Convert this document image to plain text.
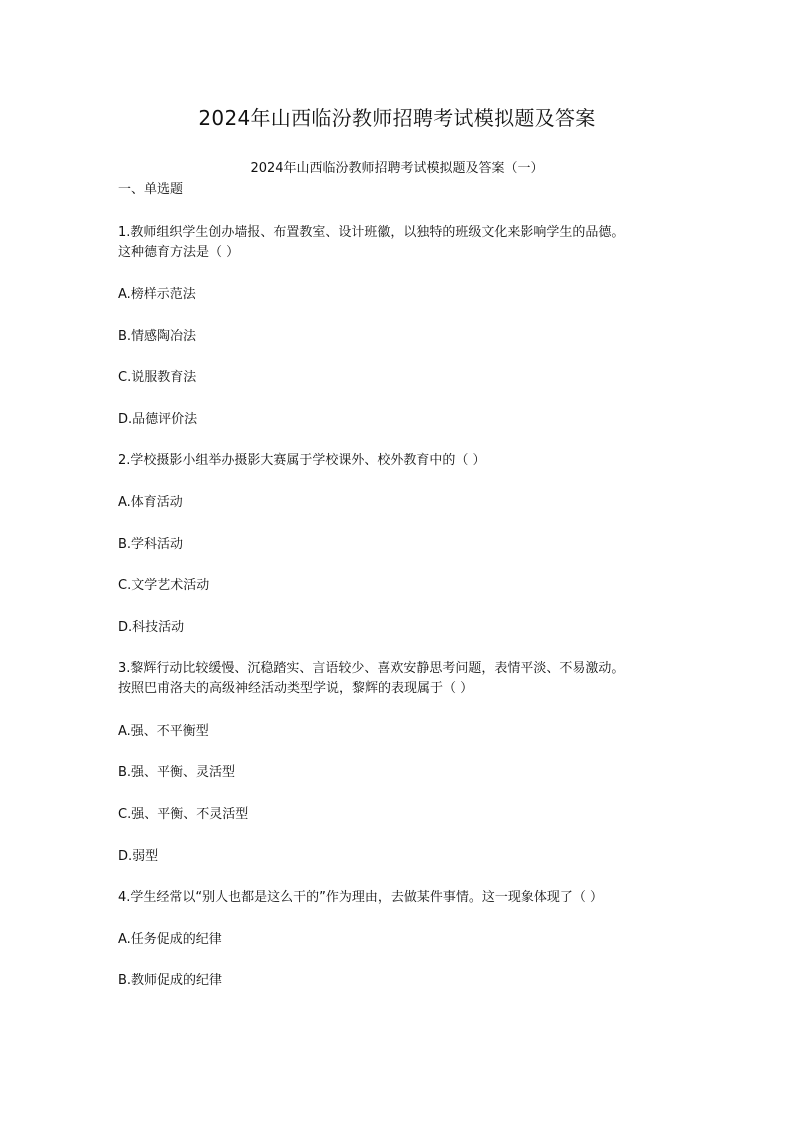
2024年山西临汾教师招聘考试模拟题及答案
2024年山西临汾教师招聘考试模拟题及答案（一）
一、单选题
1.教师组织学生创办墙报、布置教室、设计班徽，以独特的班级文化来影响学生的品德。
这种德育方法是（ ）
A.榜样示范法
B.情感陶冶法
C.说服教育法
D.品德评价法
2.学校摄影小组举办摄影大赛属于学校课外、校外教育中的（ ）
A.体育活动
B.学科活动
C.文学艺术活动
D.科技活动
3.黎辉行动比较缓慢、沉稳踏实、言语较少、喜欢安静思考问题，表情平淡、不易激动。
按照巴甫洛夫的高级神经活动类型学说，黎辉的表现属于（ ）
A.强、不平衡型
B.强、平衡、灵活型
C.强、平衡、不灵活型
D.弱型
4.学生经常以“别人也都是这么干的”作为理由，去做某件事情。这一现象体现了（ ）
A.任务促成的纪律
B.教师促成的纪律
